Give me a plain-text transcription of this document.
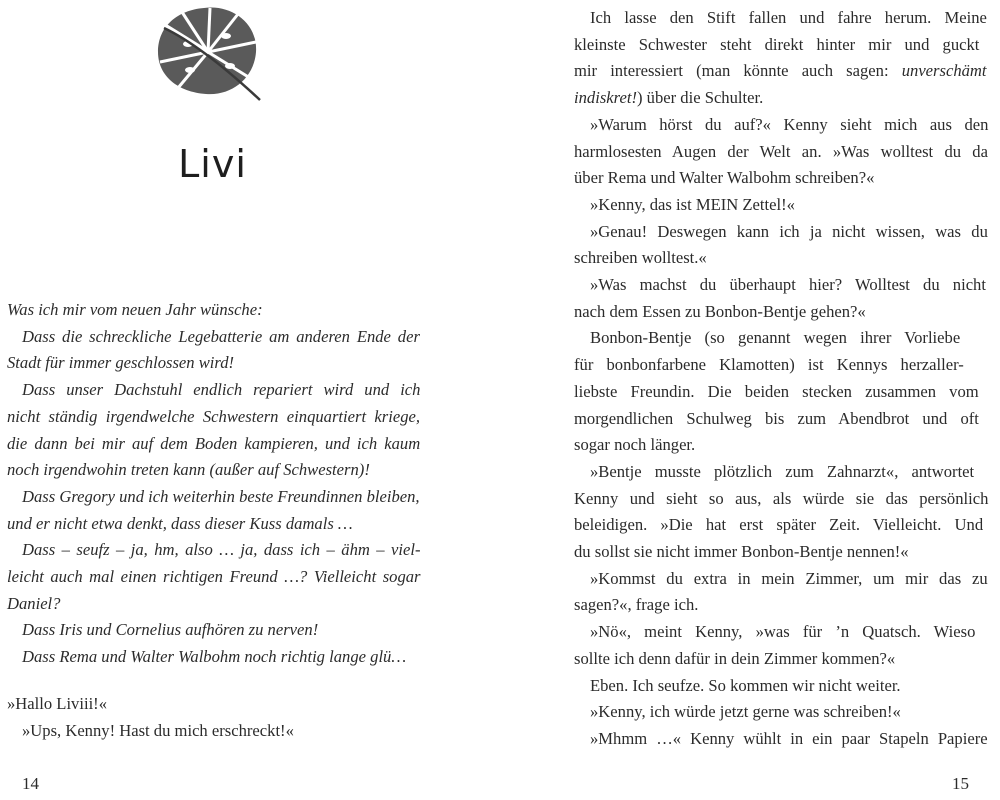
Livi

Was ich mir vom neuen Jahr wünsche:

Dass die schreckliche Legebatterie am anderen Ende der

Stadt für immer geschlossen wird!

Dass unser Dachstuhl endlich repariert wird und ich

nicht ständig irgendwelche Schwestern einquartiert kriege,

die dann bei mir auf dem Boden kampieren, und ich kaum

noch irgendwohin treten kann (außer auf Schwestern)!

Dass Gregory und ich weiterhin beste Freundinnen bleiben,

und er nicht etwa denkt, dass dieser Kuss damals …

Dass – seufz – ja, hm, also … ja, dass ich – ähm – viel-

leicht auch mal einen richtigen Freund …? Vielleicht sogar

Daniel?

Dass Iris und Cornelius aufhören zu nerven!

Dass Rema und Walter Walbohm noch richtig lange glü…

»Hallo Liviii!«

»Ups, Kenny! Hast du mich erschreckt!«

14

Ich lasse den Stift fallen und fahre herum. Meine

kleinste Schwester steht direkt hinter mir und guckt

mir interessiert (man könnte auch sagen: unverschämt

indiskret!) über die Schulter.

»Warum hörst du auf?« Kenny sieht mich aus den

harmlosesten Augen der Welt an. »Was wolltest du da

über Rema und Walter Walbohm schreiben?«

»Kenny, das ist MEIN Zettel!«

»Genau! Deswegen kann ich ja nicht wissen, was du

schreiben wolltest.«

»Was machst du überhaupt hier? Wolltest du nicht

nach dem Essen zu Bonbon-Bentje gehen?«

Bonbon-Bentje (so genannt wegen ihrer Vorliebe

für bonbonfarbene Klamotten) ist Kennys herzaller-

liebste Freundin. Die beiden stecken zusammen vom

morgendlichen Schulweg bis zum Abendbrot und oft

sogar noch länger.

»Bentje musste plötzlich zum Zahnarzt«, antwortet

Kenny und sieht so aus, als würde sie das persönlich

beleidigen. »Die hat erst später Zeit. Vielleicht. Und

du sollst sie nicht immer Bonbon-Bentje nennen!«

»Kommst du extra in mein Zimmer, um mir das zu

sagen?«, frage ich.

»Nö«, meint Kenny, »was für ’n Quatsch. Wieso

sollte ich denn dafür in dein Zimmer kommen?«

Eben. Ich seufze. So kommen wir nicht weiter.

»Kenny, ich würde jetzt gerne was schreiben!«

»Mhmm …« Kenny wühlt in ein paar Stapeln Papiere

15
